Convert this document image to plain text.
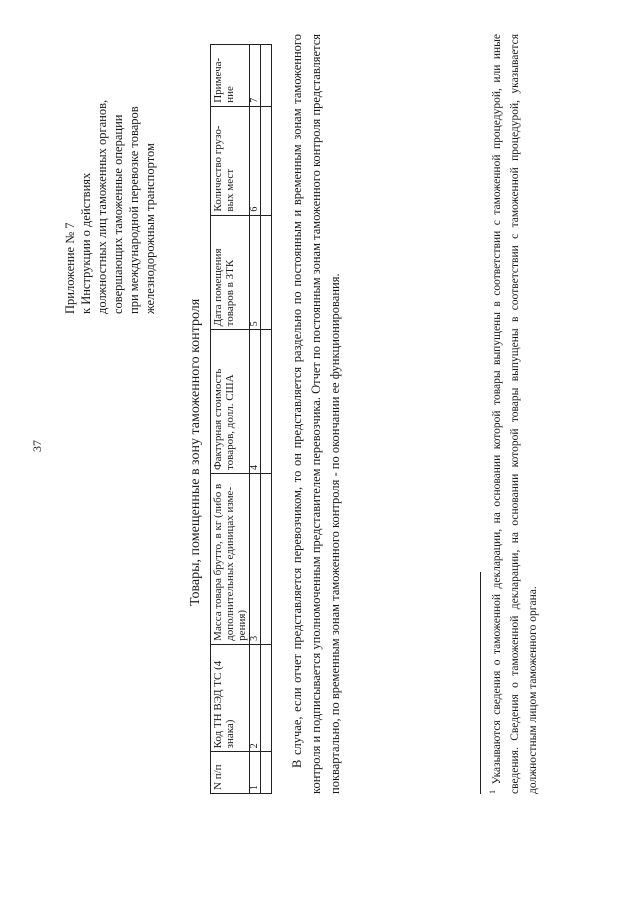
37
Приложение № 7 к Инструкции о действиях должностных лиц таможенных органов, совершающих таможенные операции при международной перевозке товаров железнодорожным транспортом
Товары, помещенные в зону таможенного контроля
N п/п	Код ТН ВЭД ТС (4 знака)	Масса товара брутто, в кг (либо в дополнительных единицах изме-рения)	Фактурная стоимость товаров, долл. США	Дата помещения товаров в ЗТК	Количество грузо-вых мест	Примеча-ние
1	2	3	4	5	6	7
						В случае, если отчет представляется перевозчиком, то он представляется раздельно по постоянным и временным зонам таможенного контроля и подписывается уполномоченным представителем перевозчика. Отчет по постоянным зонам таможенного контроля представляется поквартально, по временным зонам таможенного контроля - по окончании ее функционирования.	$^1$ Указываются сведения о таможенной декларации, на основании которой товары выпущены в соответствии с таможенной процедурой, или иные сведения. Сведения о таможенной декларации, на основании которой товары выпущены в соответствии с таможенной процедурой, указывается должностным лицом таможенного органа.
